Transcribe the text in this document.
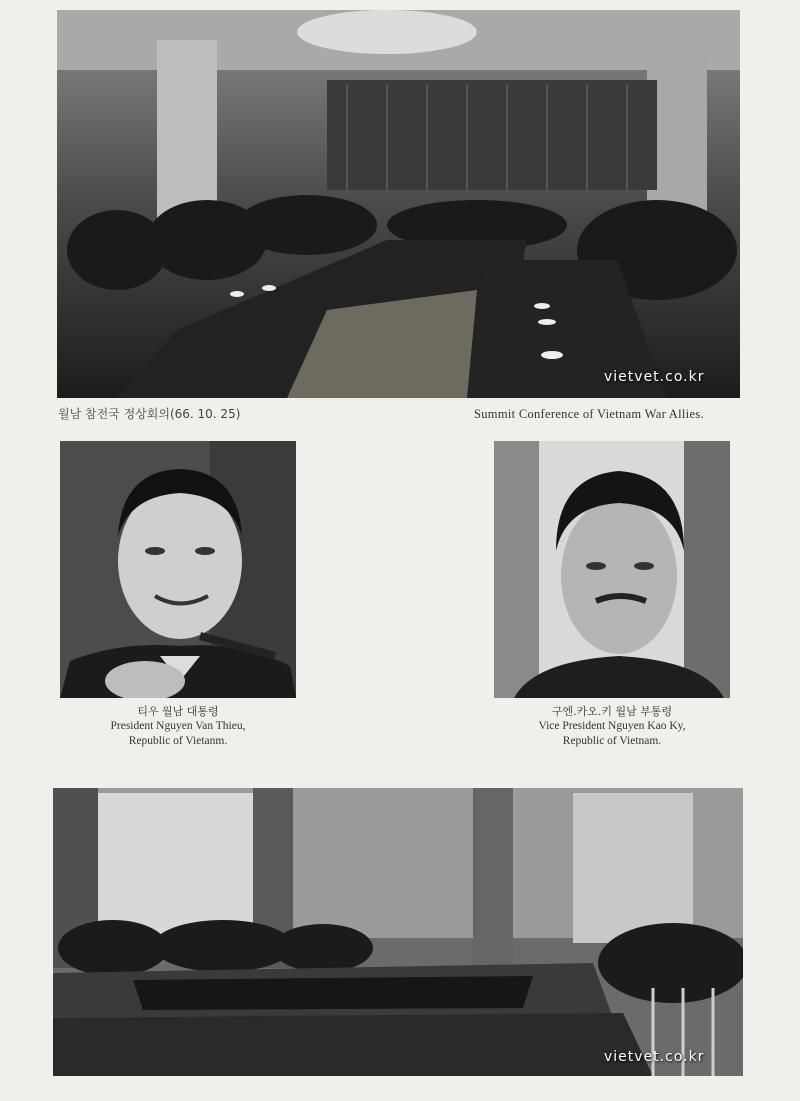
vietvet.co.kr
월남 참전국 정상회의(66. 10. 25)	Summit Conference of Vietnam War Allies.
티우 월남 대통령
President Nguyen Van Thieu,
Republic of Vietanm.
구엔.카오.키 월남 부통령
Vice President Nguyen Kao Ky,
Republic of Vietnam.
vietvet.co.kr
